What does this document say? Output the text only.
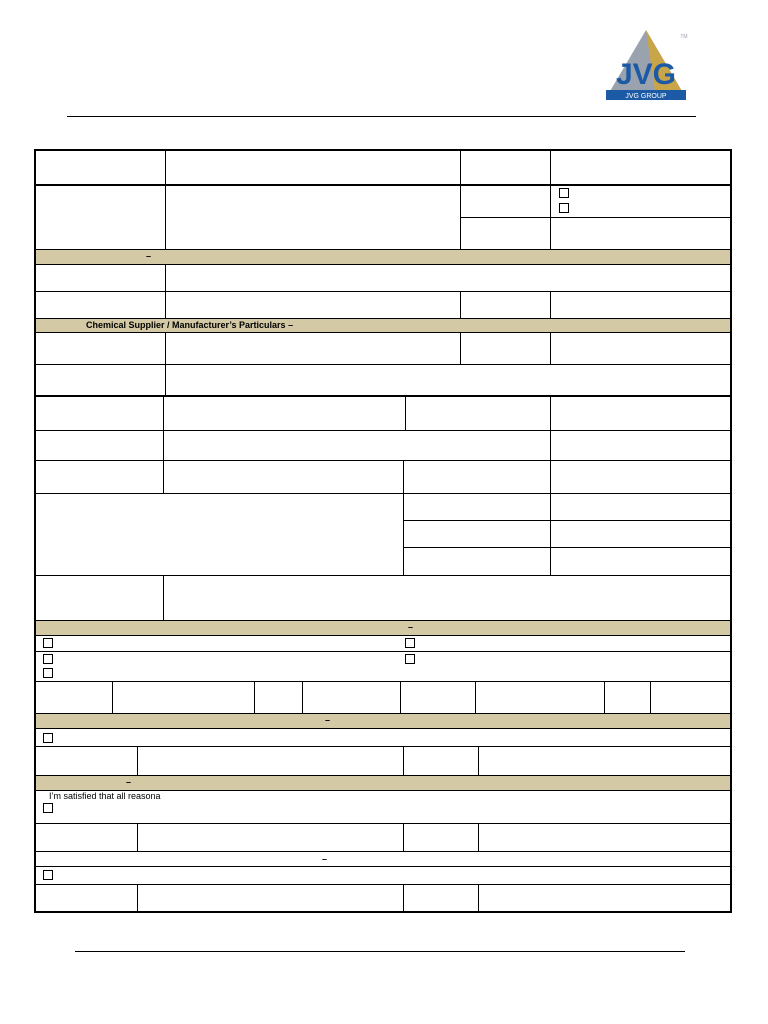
JVG
JVG GROUP
TM
–
Chemical Supplier / Manufacturer’s Particulars –
–
–
–
I’m satisfied that all reasona
–
